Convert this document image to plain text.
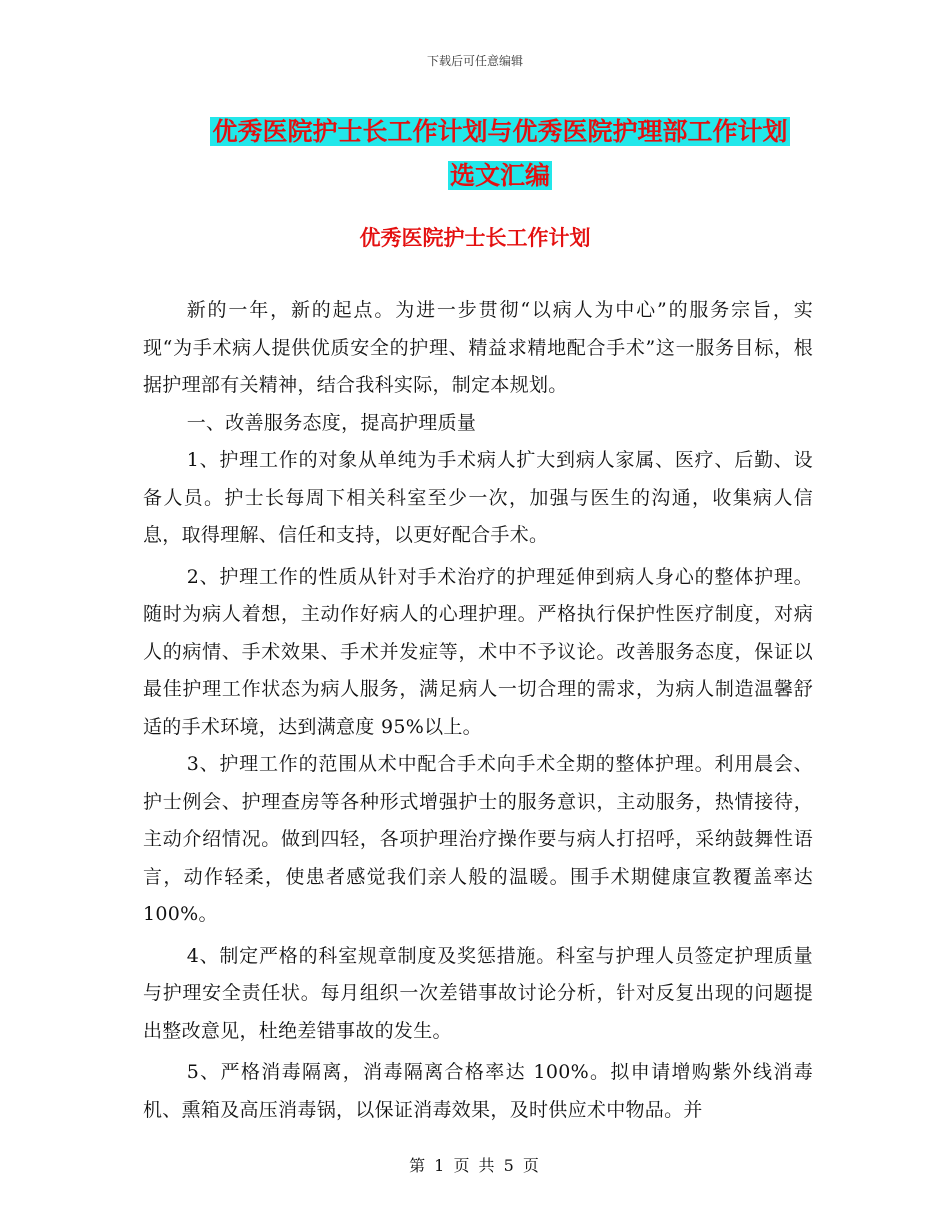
下载后可任意编辑
优秀医院护士长工作计划与优秀医院护理部工作计划
选文汇编
优秀医院护士长工作计划

新的一年，新的起点。为进一步贯彻“以病人为中心”的服务宗旨，实现“为手术病人提供优质安全的护理、精益求精地配合手术”这一服务目标，根据护理部有关精神，结合我科实际，制定本规划。

一、改善服务态度，提高护理质量

1、护理工作的对象从单纯为手术病人扩大到病人家属、医疗、后勤、设备人员。护士长每周下相关科室至少一次，加强与医生的沟通，收集病人信息，取得理解、信任和支持，以更好配合手术。

2、护理工作的性质从针对手术治疗的护理延伸到病人身心的整体护理。随时为病人着想，主动作好病人的心理护理。严格执行保护性医疗制度，对病人的病情、手术效果、手术并发症等，术中不予议论。改善服务态度，保证以最佳护理工作状态为病人服务，满足病人一切合理的需求，为病人制造温馨舒适的手术环境，达到满意度 95%以上。

3、护理工作的范围从术中配合手术向手术全期的整体护理。利用晨会、护士例会、护理查房等各种形式增强护士的服务意识，主动服务，热情接待，主动介绍情况。做到四轻，各项护理治疗操作要与病人打招呼，采纳鼓舞性语言，动作轻柔，使患者感觉我们亲人般的温暖。围手术期健康宣教覆盖率达 100%。

4、制定严格的科室规章制度及奖惩措施。科室与护理人员签定护理质量与护理安全责任状。每月组织一次差错事故讨论分析，针对反复出现的问题提出整改意见，杜绝差错事故的发生。

5、严格消毒隔离，消毒隔离合格率达 100%。拟申请增购紫外线消毒机、熏箱及高压消毒锅，以保证消毒效果，及时供应术中物品。并

第 1 页 共 5 页
